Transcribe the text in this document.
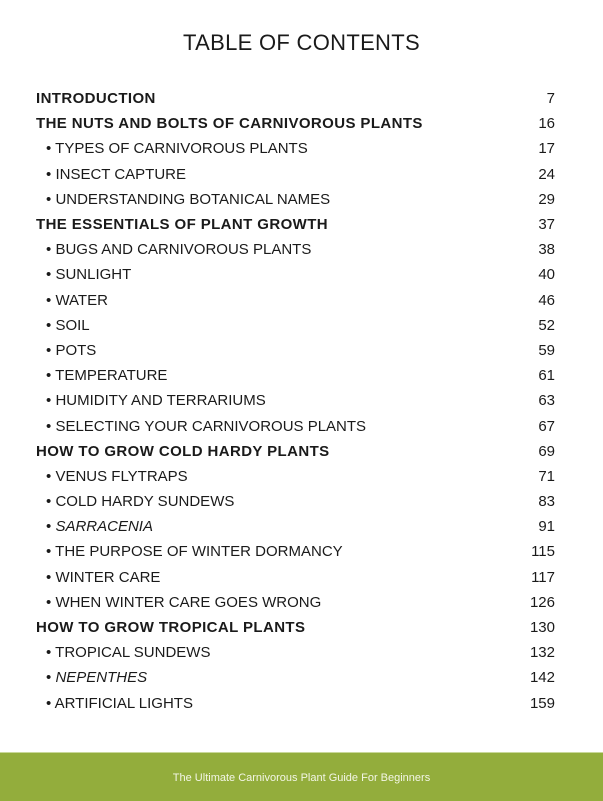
TABLE OF CONTENTS
INTRODUCTION	7
THE NUTS AND BOLTS OF CARNIVOROUS PLANTS	16
• TYPES OF CARNIVOROUS PLANTS	17
• INSECT CAPTURE	24
• UNDERSTANDING BOTANICAL NAMES	29
THE ESSENTIALS OF PLANT GROWTH	37
• BUGS AND CARNIVOROUS PLANTS	38
• SUNLIGHT	40
• WATER	46
• SOIL	52
• POTS	59
• TEMPERATURE	61
• HUMIDITY AND TERRARIUMS	63
• SELECTING YOUR CARNIVOROUS PLANTS	67
HOW TO GROW COLD HARDY PLANTS	69
• VENUS FLYTRAPS	71
• COLD HARDY SUNDEWS	83
• SARRACENIA	91
• THE PURPOSE OF WINTER DORMANCY	115
• WINTER CARE	117
• WHEN WINTER CARE GOES WRONG	126
HOW TO GROW TROPICAL PLANTS	130
• TROPICAL SUNDEWS	132
• NEPENTHES	142
• ARTIFICIAL LIGHTS	159
The Ultimate Carnivorous Plant Guide For Beginners
